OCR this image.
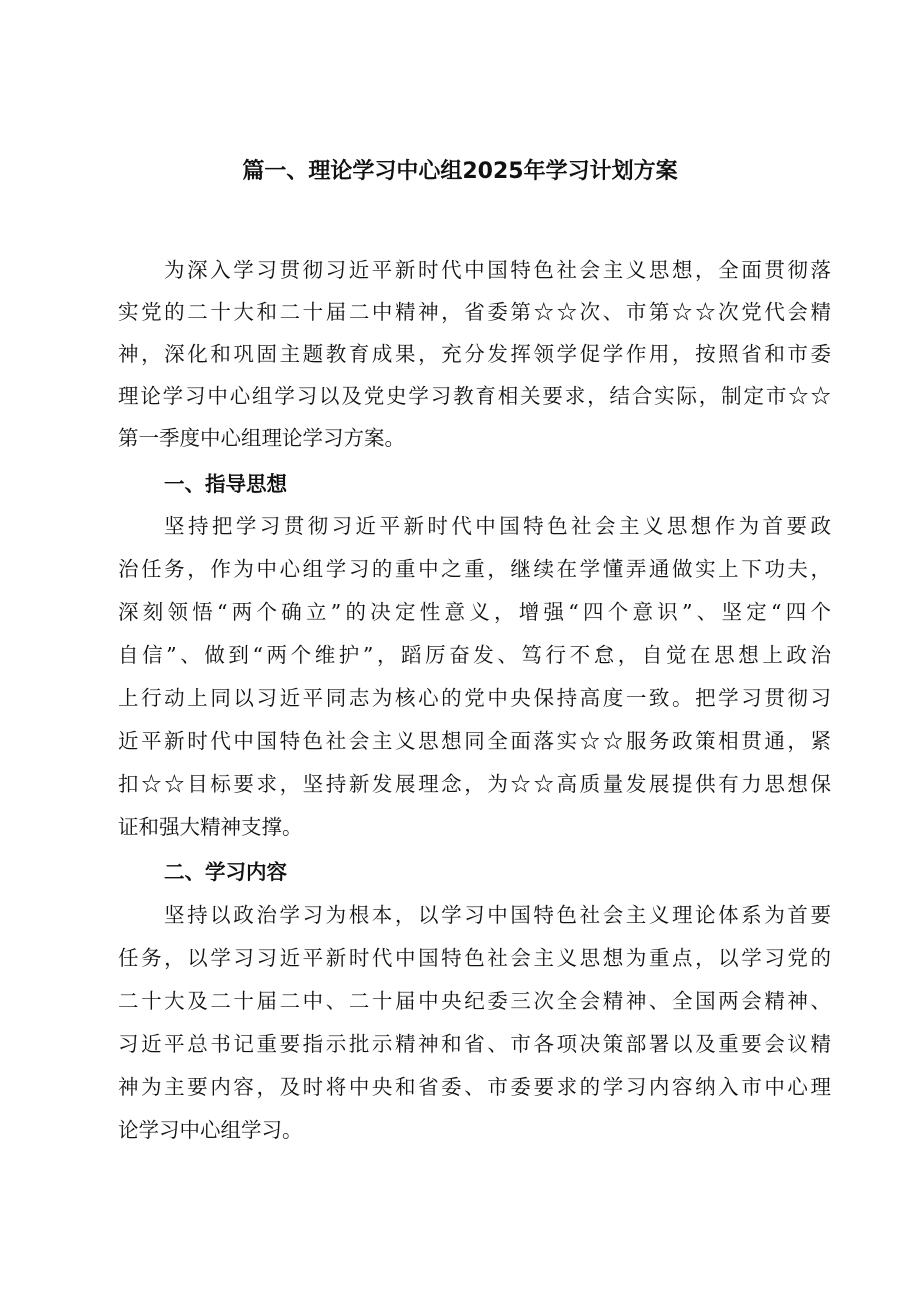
篇一、理论学习中心组2025年学习计划方案

为深入学习贯彻习近平新时代中国特色社会主义思想，全面贯彻落

实党的二十大和二十届二中精神，省委第☆☆次、市第☆☆次党代会精

神，深化和巩固主题教育成果，充分发挥领学促学作用，按照省和市委

理论学习中心组学习以及党史学习教育相关要求，结合实际，制定市☆☆

第一季度中心组理论学习方案。

一、指导思想

坚持把学习贯彻习近平新时代中国特色社会主义思想作为首要政

治任务，作为中心组学习的重中之重，继续在学懂弄通做实上下功夫，

深刻领悟“两个确立”的决定性意义，增强“四个意识”、坚定“四个

自信”、做到“两个维护”，蹈厉奋发、笃行不怠，自觉在思想上政治

上行动上同以习近平同志为核心的党中央保持高度一致。把学习贯彻习

近平新时代中国特色社会主义思想同全面落实☆☆服务政策相贯通，紧

扣☆☆目标要求，坚持新发展理念，为☆☆高质量发展提供有力思想保

证和强大精神支撑。

二、学习内容

坚持以政治学习为根本，以学习中国特色社会主义理论体系为首要

任务，以学习习近平新时代中国特色社会主义思想为重点，以学习党的

二十大及二十届二中、二十届中央纪委三次全会精神、全国两会精神、

习近平总书记重要指示批示精神和省、市各项决策部署以及重要会议精

神为主要内容，及时将中央和省委、市委要求的学习内容纳入市中心理

论学习中心组学习。
